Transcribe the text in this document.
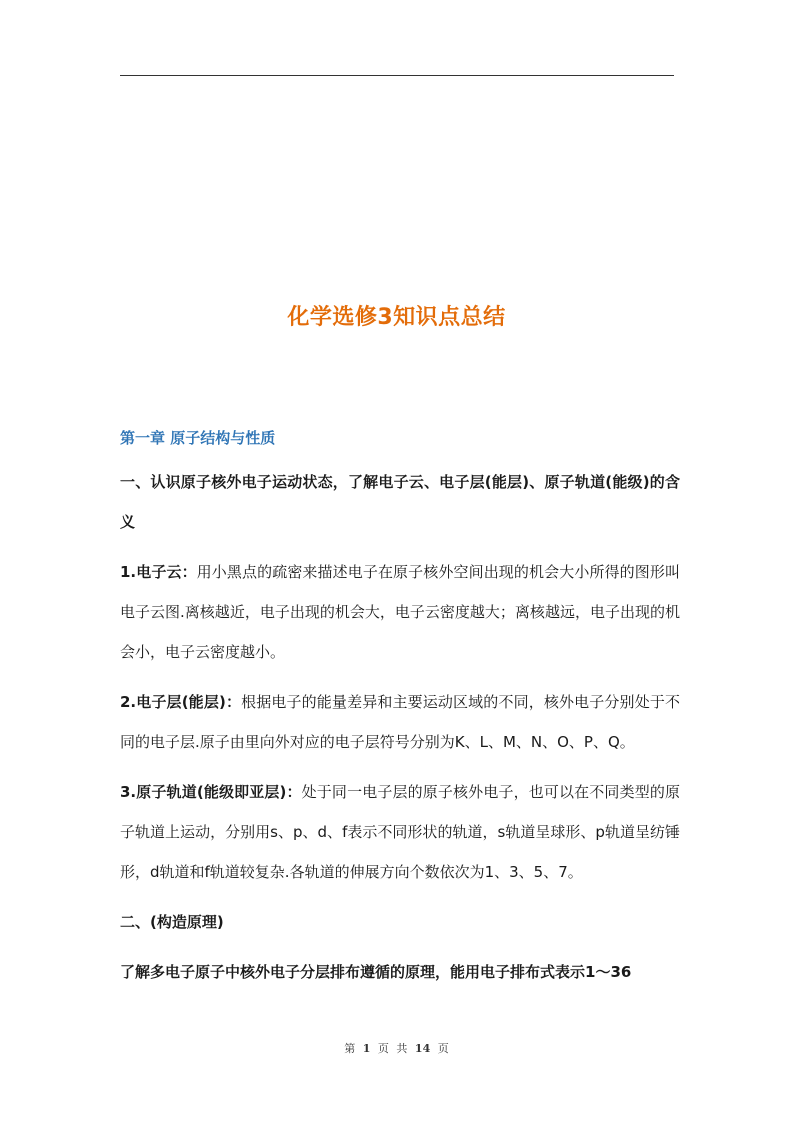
化学选修3知识点总结

第一章 原子结构与性质

一、认识原子核外电子运动状态，了解电子云、电子层(能层)、原子轨道(能级)的含 义

1.电子云：用小黑点的疏密来描述电子在原子核外空间出现的机会大小所得的图形叫电子云图.离核越近，电子出现的机会大，电子云密度越大；离核越远，电子出现的机会小，电子云密度越小。

2.电子层(能层)：根据电子的能量差异和主要运动区域的不同，核外电子分别处于不同的电子层.原子由里向外对应的电子层符号分别为K、L、M、N、O、P、Q。

3.原子轨道(能级即亚层)：处于同一电子层的原子核外电子，也可以在不同类型的原子轨道上运动，分别用s、p、d、f表示不同形状的轨道，s轨道呈球形、p轨道呈纺锤形，d轨道和f轨道较复杂.各轨道的伸展方向个数依次为1、3、5、7。

二、(构造原理)

了解多电子原子中核外电子分层排布遵循的原理，能用电子排布式表示1～36

第 1 页 共 14 页
